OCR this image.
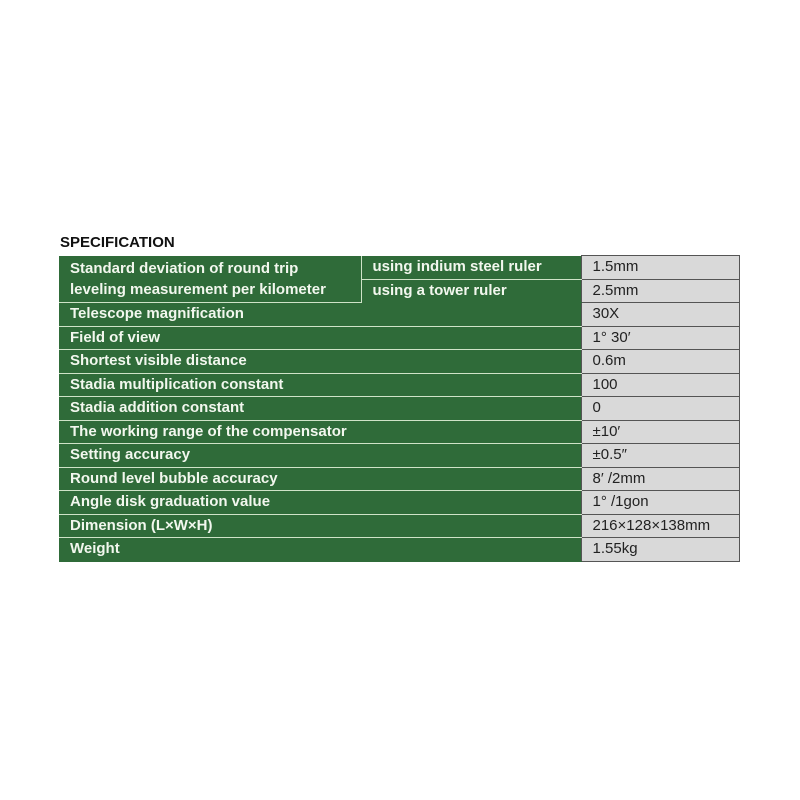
SPECIFICATION
Standard deviation of round trip
leveling measurement per kilometer	using indium steel ruler	1.5mm
	using a tower ruler	2.5mm
Telescope magnification		30X
Field of view		1° 30′
Shortest visible distance		0.6m
Stadia multiplication constant		100
Stadia addition constant		0
The working range of the compensator		±10′
Setting accuracy		±0.5″
Round level bubble accuracy		8′ /2mm
Angle disk graduation value		1° /1gon
Dimension (L×W×H)		216×128×138mm
Weight		1.55kg
